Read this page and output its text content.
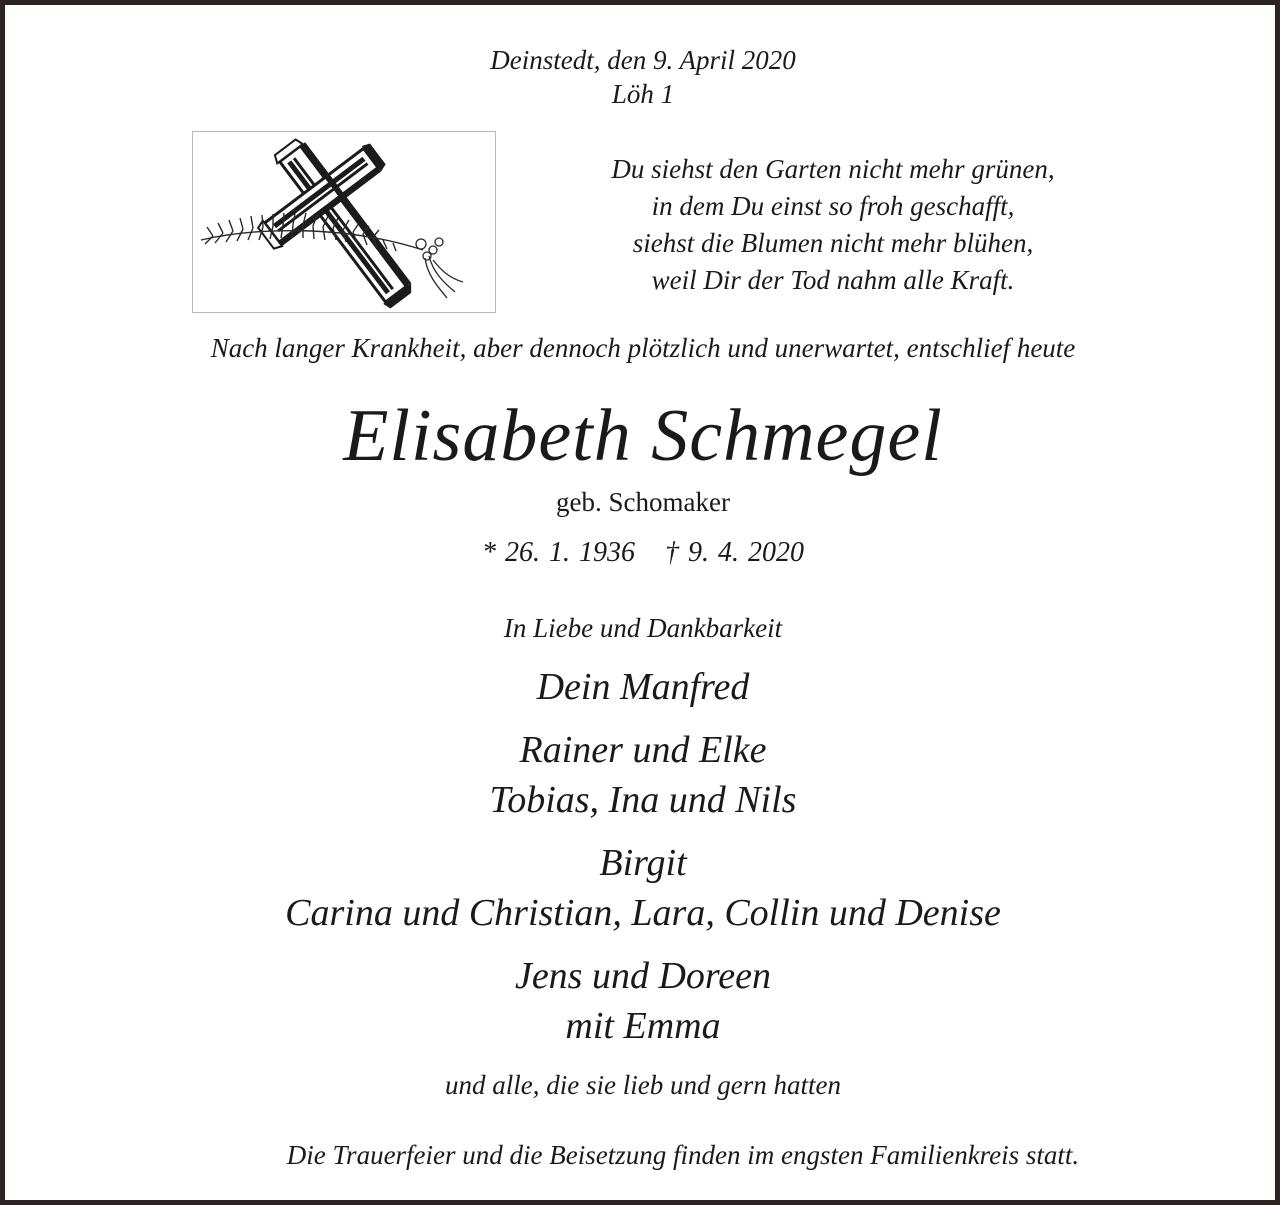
Deinstedt, den 9. April 2020
Löh 1
Du siehst den Garten nicht mehr grünen,
in dem Du einst so froh geschafft,
siehst die Blumen nicht mehr blühen,
weil Dir der Tod nahm alle Kraft.
Nach langer Krankheit, aber dennoch plötzlich und unerwartet, entschlief heute
Elisabeth Schmegel
geb. Schomaker
* 26. 1. 1936 † 9. 4. 2020
In Liebe und Dankbarkeit
Dein Manfred
Rainer und Elke
Tobias, Ina und Nils
Birgit
Carina und Christian, Lara, Collin und Denise
Jens und Doreen
mit Emma
und alle, die sie lieb und gern hatten
Die Trauerfeier und die Beisetzung finden im engsten Familienkreis statt.
